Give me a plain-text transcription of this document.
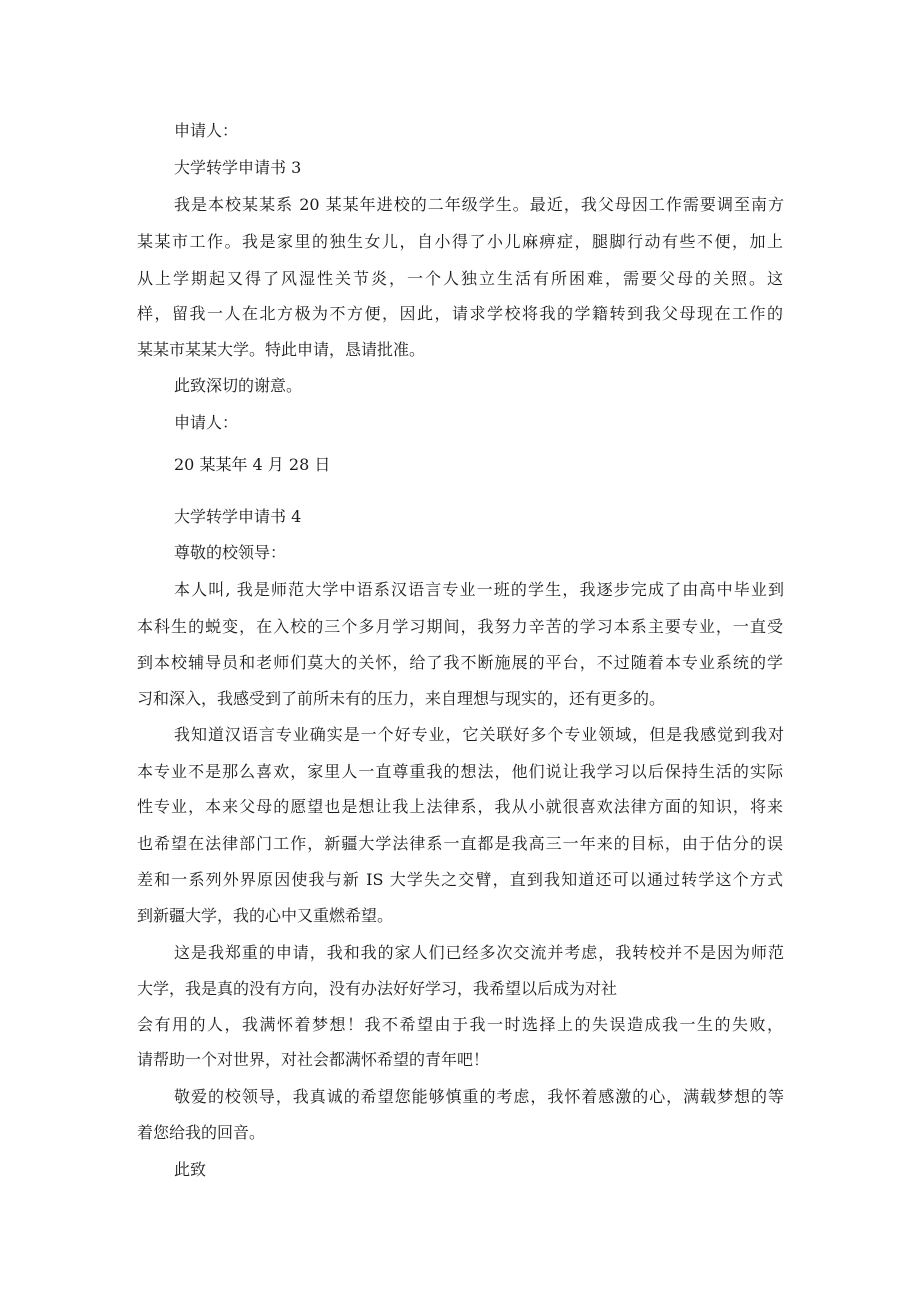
申请人：
大学转学申请书 3
我是本校某某系 20 某某年进校的二年级学生。最近，我父母因工作需要调至南方
某某市工作。我是家里的独生女儿，自小得了小儿麻痹症，腿脚行动有些不便，加上
从上学期起又得了风湿性关节炎，一个人独立生活有所困难，需要父母的关照。这
样，留我一人在北方极为不方便，因此，请求学校将我的学籍转到我父母现在工作的
某某市某某大学。特此申请，恳请批准。
此致深切的谢意。
申请人：
20 某某年 4 月 28 日
大学转学申请书 4
尊敬的校领导：
本人叫, 我是师范大学中语系汉语言专业一班的学生，我逐步完成了由高中毕业到
本科生的蜕变，在入校的三个多月学习期间，我努力辛苦的学习本系主要专业，一直受
到本校辅导员和老师们莫大的关怀，给了我不断施展的平台，不过随着本专业系统的学
习和深入，我感受到了前所未有的压力，来自理想与现实的，还有更多的。
我知道汉语言专业确实是一个好专业，它关联好多个专业领域，但是我感觉到我对
本专业不是那么喜欢，家里人一直尊重我的想法，他们说让我学习以后保持生活的实际
性专业，本来父母的愿望也是想让我上法律系，我从小就很喜欢法律方面的知识，将来
也希望在法律部门工作，新疆大学法律系一直都是我高三一年来的目标，由于估分的误
差和一系列外界原因使我与新 IS 大学失之交臂，直到我知道还可以通过转学这个方式
到新疆大学，我的心中又重燃希望。
这是我郑重的申请，我和我的家人们已经多次交流并考虑，我转校并不是因为师范
大学，我是真的没有方向，没有办法好好学习，我希望以后成为对社
会有用的人，我满怀着梦想！我不希望由于我一时选择上的失误造成我一生的失败，
请帮助一个对世界，对社会都满怀希望的青年吧！
敬爱的校领导，我真诚的希望您能够慎重的考虑，我怀着感激的心，满载梦想的等
着您给我的回音。
此致
